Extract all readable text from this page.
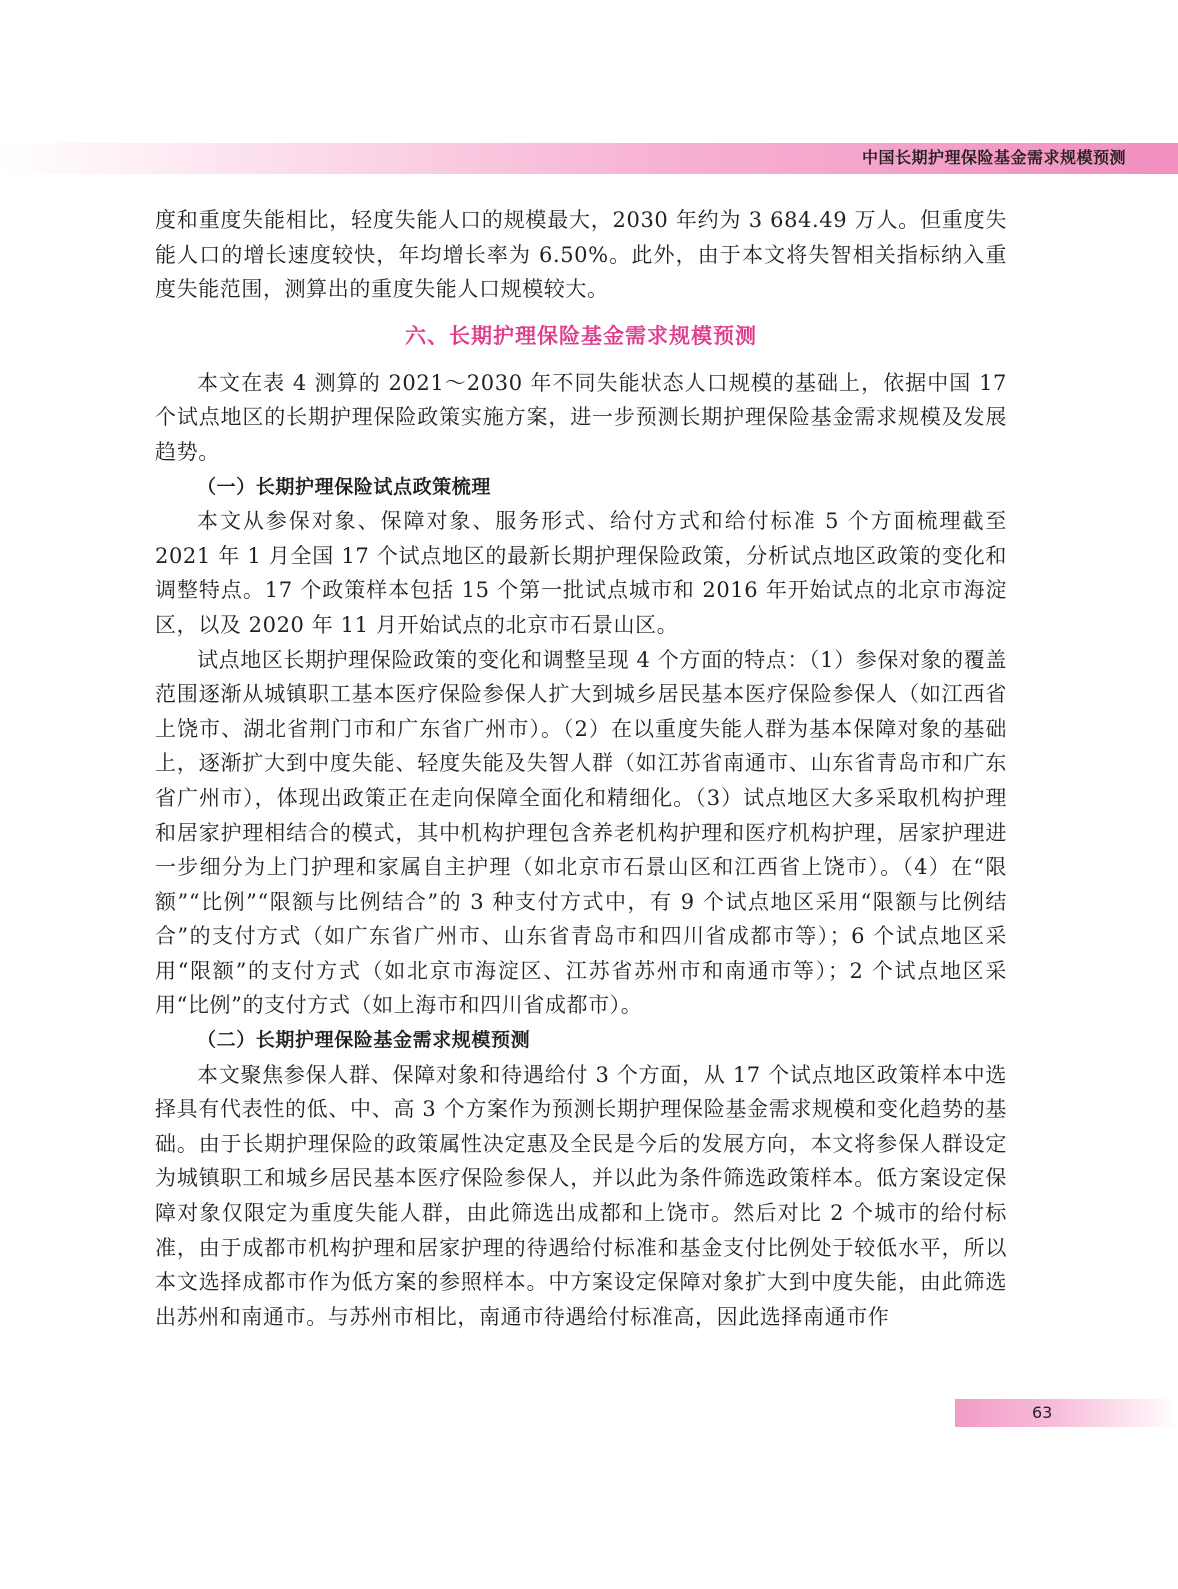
中国长期护理保险基金需求规模预测

度和重度失能相比，轻度失能人口的规模最大，2030 年约为 3 684.49 万人。但重度失能人口的增长速度较快，年均增长率为 6.50%。此外，由于本文将失智相关指标纳入重度失能范围，测算出的重度失能人口规模较大。

六、长期护理保险基金需求规模预测

本文在表 4 测算的 2021～2030 年不同失能状态人口规模的基础上，依据中国 17 个试点地区的长期护理保险政策实施方案，进一步预测长期护理保险基金需求规模及发展趋势。

（一）长期护理保险试点政策梳理

本文从参保对象、保障对象、服务形式、给付方式和给付标准 5 个方面梳理截至 2021 年 1 月全国 17 个试点地区的最新长期护理保险政策，分析试点地区政策的变化和调整特点。17 个政策样本包括 15 个第一批试点城市和 2016 年开始试点的北京市海淀区，以及 2020 年 11 月开始试点的北京市石景山区。

试点地区长期护理保险政策的变化和调整呈现 4 个方面的特点：（1）参保对象的覆盖范围逐渐从城镇职工基本医疗保险参保人扩大到城乡居民基本医疗保险参保人（如江西省上饶市、湖北省荆门市和广东省广州市）。（2）在以重度失能人群为基本保障对象的基础上，逐渐扩大到中度失能、轻度失能及失智人群（如江苏省南通市、山东省青岛市和广东省广州市），体现出政策正在走向保障全面化和精细化。（3）试点地区大多采取机构护理和居家护理相结合的模式，其中机构护理包含养老机构护理和医疗机构护理，居家护理进一步细分为上门护理和家属自主护理（如北京市石景山区和江西省上饶市）。（4）在“限额”“比例”“限额与比例结合”的 3 种支付方式中，有 9 个试点地区采用“限额与比例结合”的支付方式（如广东省广州市、山东省青岛市和四川省成都市等）；6 个试点地区采用“限额”的支付方式（如北京市海淀区、江苏省苏州市和南通市等）；2 个试点地区采用“比例”的支付方式（如上海市和四川省成都市）。

（二）长期护理保险基金需求规模预测

本文聚焦参保人群、保障对象和待遇给付 3 个方面，从 17 个试点地区政策样本中选择具有代表性的低、中、高 3 个方案作为预测长期护理保险基金需求规模和变化趋势的基础。由于长期护理保险的政策属性决定惠及全民是今后的发展方向，本文将参保人群设定为城镇职工和城乡居民基本医疗保险参保人，并以此为条件筛选政策样本。低方案设定保障对象仅限定为重度失能人群，由此筛选出成都和上饶市。然后对比 2 个城市的给付标准，由于成都市机构护理和居家护理的待遇给付标准和基金支付比例处于较低水平，所以本文选择成都市作为低方案的参照样本。中方案设定保障对象扩大到中度失能，由此筛选出苏州和南通市。与苏州市相比，南通市待遇给付标准高，因此选择南通市作

63
